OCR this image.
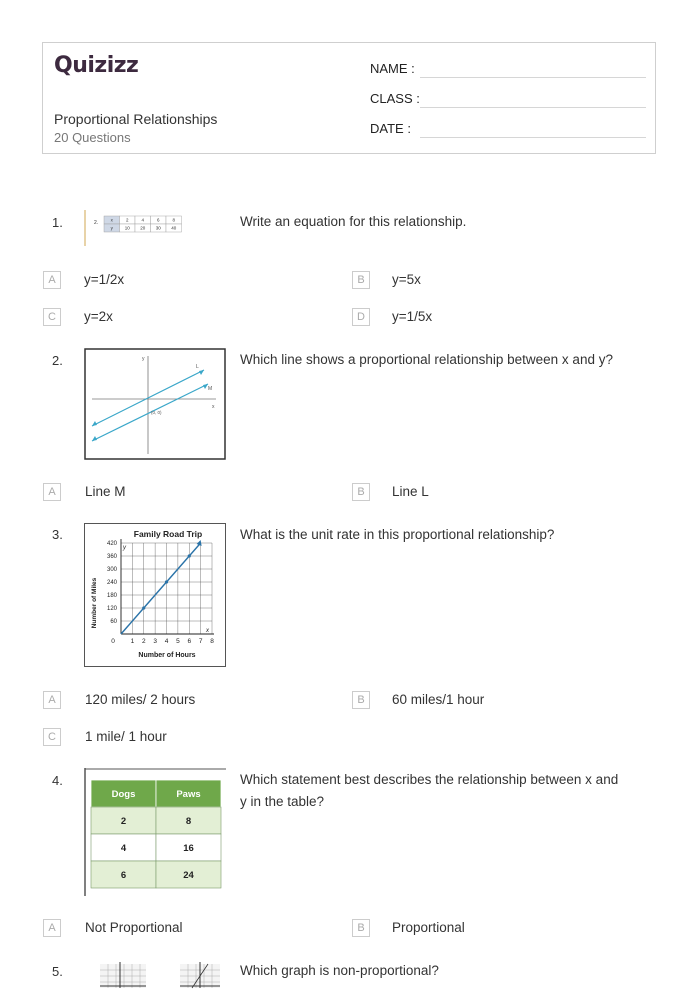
Quizizz
Proportional Relationships
20 Questions
NAME :
CLASS :
DATE :
1.	2.	x	2	4	6	8
y	10 20 30 40	Write an equation for this relationship.
A	y=1/2x	B	y=5x
C	y=2x	D	y=1/5x
2.	y
x
L
M
(0, 0)
Which line shows a proportional relationship between x and y?
A	Line M	B	Line L
3.	Family Road Trip
Number of Hours
Number of Miles
y
x
0 1 2 3 4 5 6 7 8
60
120
180
240
300
360
420
What is the unit rate in this proportional relationship?
A	120 miles/ 2 hours	B	60 miles/1 hour
C	1 mile/ 1 hour
4.
Dogs	Paws
2	8
4	16
6	24
Which statement best describes the relationship between x and
y in the table?
A	Not Proportional	B	Proportional
5.	Which graph is non-proportional?
